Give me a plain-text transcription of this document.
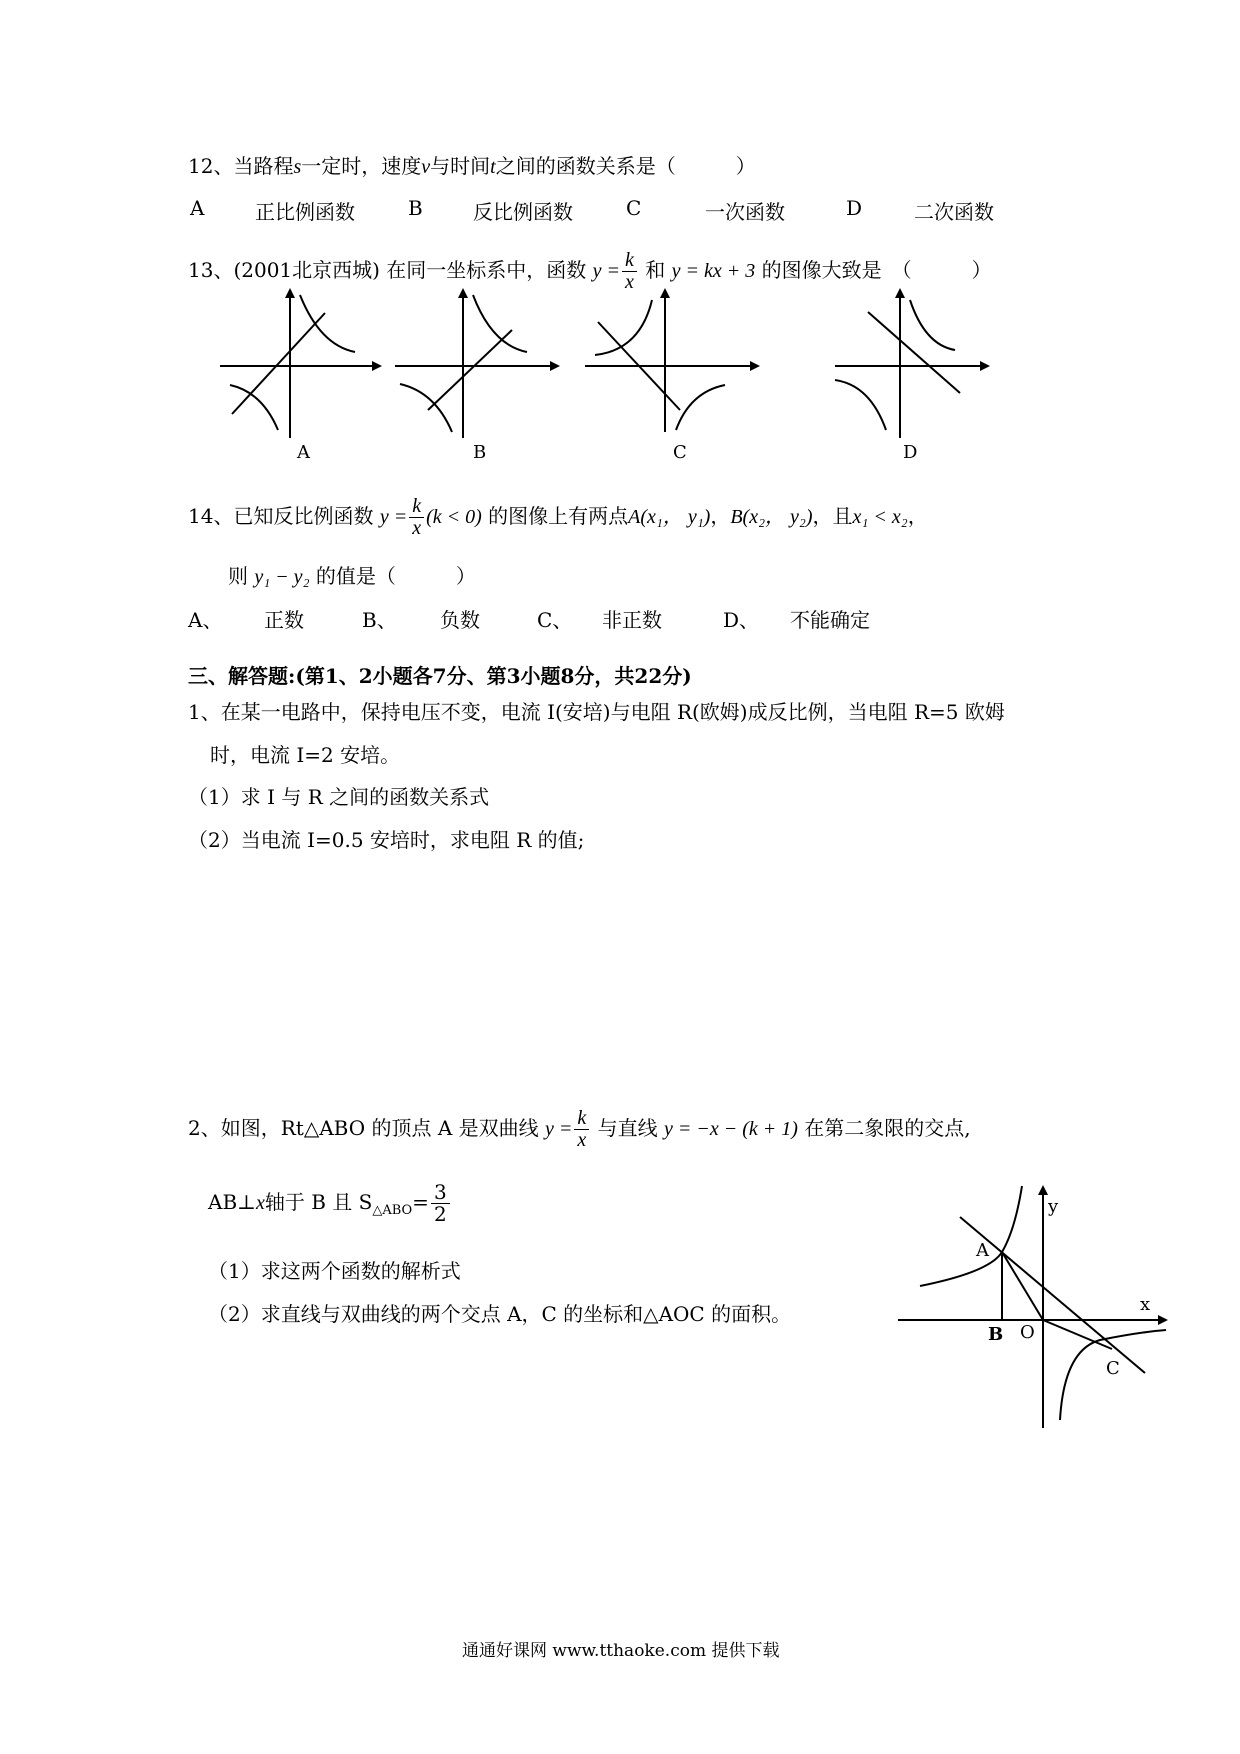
12、当路程s一定时，速度v与时间t之间的函数关系是（　　　）
A	正比例函数	B	反比例函数	C	一次函数	D	二次函数
13、(2001北京西城) 在同一坐标系中，函数 $y = \frac{k}{x}$ 和 y = kx + 3 的图像大致是　（　　　）
A	B	C	D
14、已知反比例函数 $y = \frac{k}{x} (k < 0)$ 的图像上有两点A(x₁， y₁)，B(x₂， y₂)，且x₁ < x₂，
则 y₁ − y₂ 的值是（　　　）
A、 正数	B、 负数	C、 非正数	D、 不能确定
三、解答题:(第1、2小题各7分、第3小题8分，共22分)
1、在某一电路中，保持电压不变，电流 I(安培)与电阻 R(欧姆)成反比例，当电阻 R=5 欧姆
时，电流 I=2 安培。
（1）求 I 与 R 之间的函数关系式
（2）当电流 I=0.5 安培时，求电阻 R 的值;
2、如图，Rt△ABO 的顶点 A 是双曲线 $y = \frac{k}{x}$ 与直线 y = −x − (k + 1) 在第二象限的交点,
AB⊥x轴于 B 且 $S_{\triangle ABO}= \frac{3}{2}$
（1）求这两个函数的解析式
（2）求直线与双曲线的两个交点 A，C 的坐标和△AOC 的面积。
y
x
A
B O
C
通通好课网 www.tthaoke.com 提供下载
